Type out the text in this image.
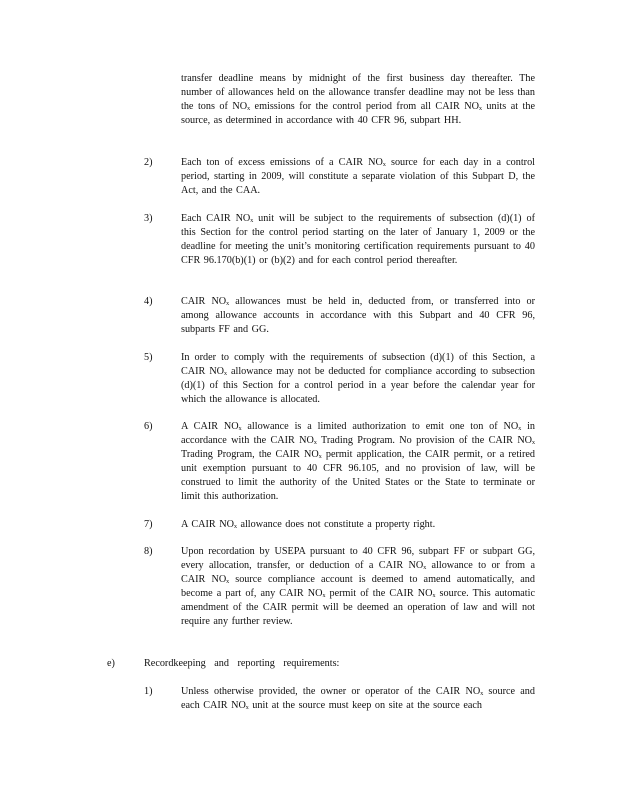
transfer deadline means by midnight of the first business day thereafter. The number of allowances held on the allowance transfer deadline may not be less than the tons of NOₓ emissions for the control period from all CAIR NOₓ units at the source, as determined in accordance with 40 CFR 96, subpart HH.
2)	Each ton of excess emissions of a CAIR NOₓ source for each day in a control period, starting in 2009, will constitute a separate violation of this Subpart D, the Act, and the CAA.
3)	Each CAIR NOₓ unit will be subject to the requirements of subsection (d)(1) of this Section for the control period starting on the later of January 1, 2009 or the deadline for meeting the unit’s monitoring certification requirements pursuant to 40 CFR 96.170(b)(1) or (b)(2) and for each control period thereafter.
4)	CAIR NOₓ allowances must be held in, deducted from, or transferred into or among allowance accounts in accordance with this Subpart and 40 CFR 96, subparts FF and GG.
5)	In order to comply with the requirements of subsection (d)(1) of this Section, a CAIR NOₓ allowance may not be deducted for compliance according to subsection (d)(1) of this Section for a control period in a year before the calendar year for which the allowance is allocated.
6)	A CAIR NOₓ allowance is a limited authorization to emit one ton of NOₓ in accordance with the CAIR NOₓ Trading Program. No provision of the CAIR NOₓ Trading Program, the CAIR NOₓ permit application, the CAIR permit, or a retired unit exemption pursuant to 40 CFR 96.105, and no provision of law, will be construed to limit the authority of the United States or the State to terminate or limit this authorization.
7)	A CAIR NOₓ allowance does not constitute a property right.
8)	Upon recordation by USEPA pursuant to 40 CFR 96, subpart FF or subpart GG, every allocation, transfer, or deduction of a CAIR NOₓ allowance to or from a CAIR NOₓ source compliance account is deemed to amend automatically, and become a part of, any CAIR NOₓ permit of the CAIR NOₓ source. This automatic amendment of the CAIR permit will be deemed an operation of law and will not require any further review.
e)	Recordkeeping and reporting requirements:
1)	Unless otherwise provided, the owner or operator of the CAIR NOₓ source and each CAIR NOₓ unit at the source must keep on site at the source each
